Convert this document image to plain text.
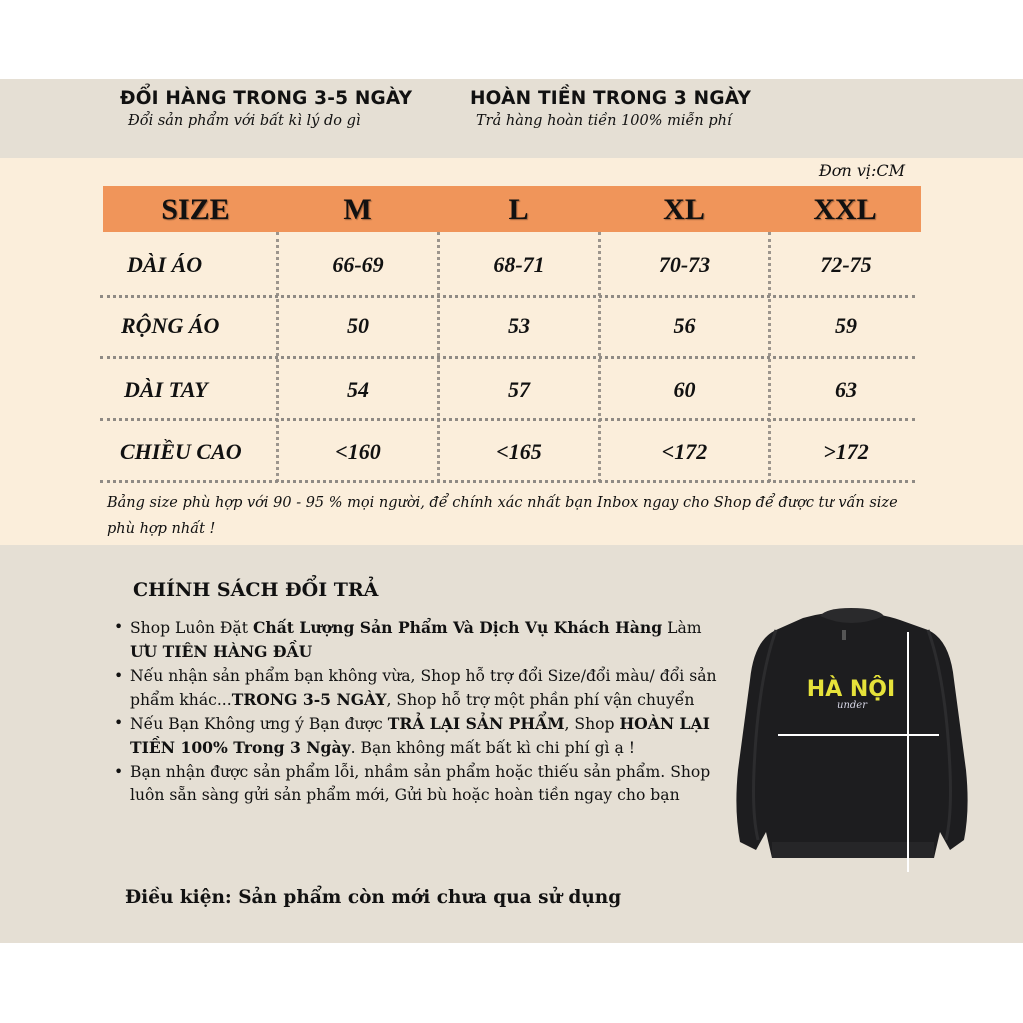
ĐỔI HÀNG TRONG 3-5 NGÀY
Đổi sản phẩm với bất kì lý do gì
HOÀN TIỀN TRONG 3 NGÀY
Trả hàng hoàn tiền 100% miễn phí
Đơn vị:CM
SIZE	M	L	XL	XXL
DÀI ÁO	66-69	68-71	70-73	72-75
RỘNG ÁO	50	53	56	59
DÀI TAY	54	57	60	63
CHIỀU CAO	<160	<165	<172	>172
Bảng size phù hợp với 90 - 95 % mọi người, để chính xác nhất bạn Inbox ngay cho Shop để được tư vấn size phù hợp nhất !
CHÍNH SÁCH ĐỔI TRẢ
• Shop Luôn Đặt Chất Lượng Sản Phẩm Và Dịch Vụ Khách Hàng Làm ƯU TIÊN HÀNG ĐẦU
• Nếu nhận sản phẩm bạn không vừa, Shop hỗ trợ đổi Size/đổi màu/ đổi sản phẩm khác...TRONG 3-5 NGÀY, Shop hỗ trợ một phần phí vận chuyển
• Nếu Bạn Không ưng ý Bạn được TRẢ LẠI SẢN PHẨM, Shop HOÀN LẠI TIỀN 100% Trong 3 Ngày. Bạn không mất bất kì chi phí gì ạ !
• Bạn nhận được sản phẩm lỗi, nhầm sản phẩm hoặc thiếu sản phẩm. Shop luôn sẵn sàng gửi sản phẩm mới, Gửi bù hoặc hoàn tiền ngay cho bạn
Điều kiện: Sản phẩm còn mới chưa qua sử dụng
HÀ NỘI
under
